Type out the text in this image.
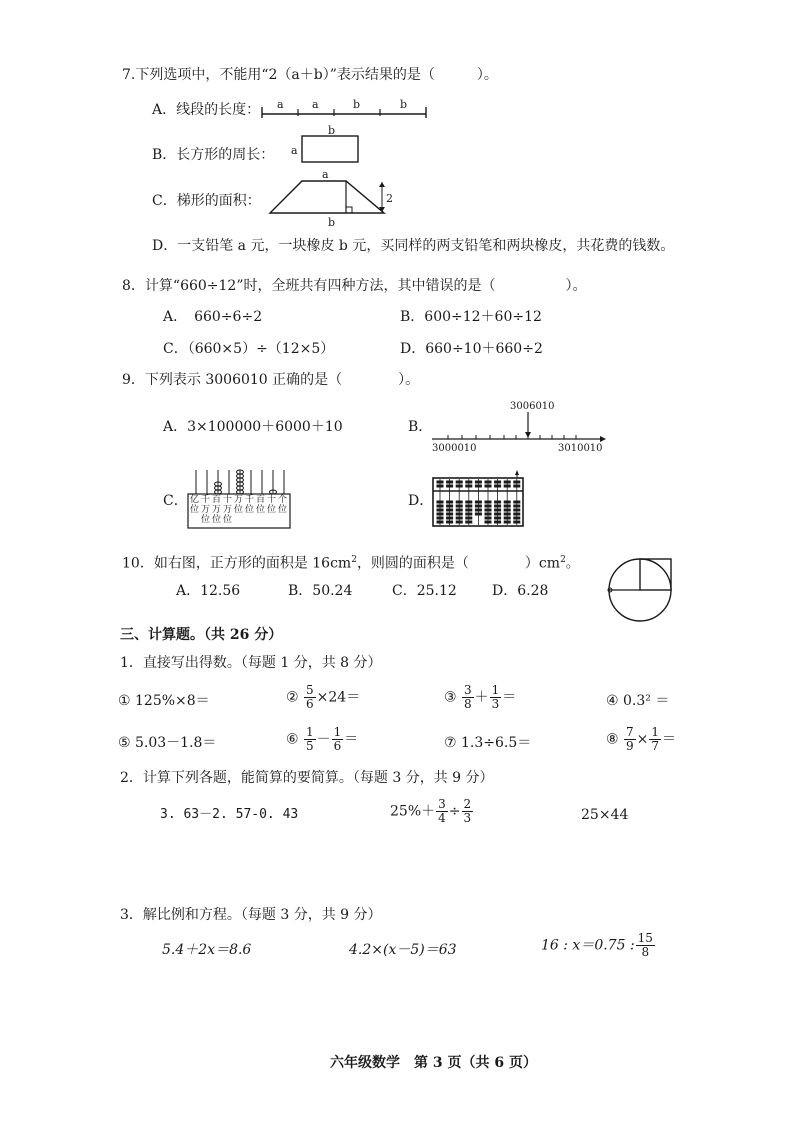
7.下列选项中，不能用“2（a＋b）”表示结果的是（　　　）。
A．线段的长度： a	a	b	b
B．长方形的周长：
b
a
C．梯形的面积：
a
b
2
D．一支铅笔 a 元，一块橡皮 b 元，买同样的两支铅笔和两块橡皮，共花费的钱数。
8．计算“660÷12”时，全班共有四种方法，其中错误的是（　　　　　）。
A．　660÷6÷2	B．600÷12＋60÷12
C．（660×5）÷（12×5）	D．660÷10＋660÷2
9．下列表示 3006010 正确的是（　　　　）。
A．3×100000＋6000＋10	B．
3006010
3000010	3010010
C． 亿 千 百 十 万 千 百 十 个
位 万 万 万 位 位 位 位 位
位 位 位
D．
10．如右图，正方形的面积是 $16cm^2$，则圆的面积是（　　　　）$cm^2$。
A．12.56	B．50.24	C．25.12	D．6.28
三、计算题。（共 26 分）
1．直接写出得数。（每题 1 分，共 8 分）
① 125%×8＝	② $\frac{5}{6} \times 24=$	③ $\frac{3}{8} + \frac{1}{3}$ ＝	④ 0.3² ＝
⑤ 5.03－1.8＝	⑥ $\frac{1}{5} - \frac{1}{6}$ ＝	⑦ 1.3÷6.5＝	⑧ $\frac{7}{9} \times \frac{1}{7}$ ＝
2．计算下列各题，能简算的要简算。（每题 3 分，共 9 分）
3. 63－2. 57-0. 43	$25\%+ \frac{3}{4} \div \frac{2}{3}$	25×44
3．解比例和方程。（每题 3 分，共 9 分）
5.4＋2x＝8.6	4.2×(x－5)＝63	16 : x＝0.75 : $\frac{15}{8}$
六年级数学　第 3 页（共 6 页）
